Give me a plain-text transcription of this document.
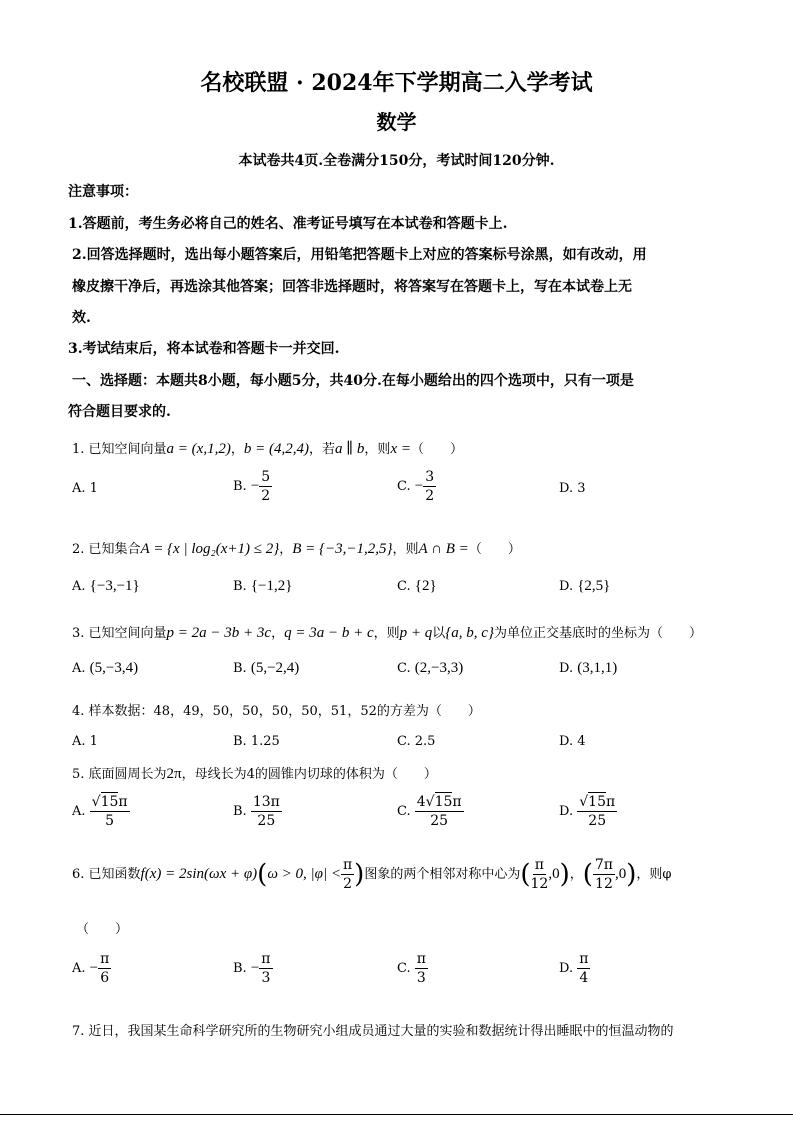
名校联盟 · 2024年下学期高二入学考试
数学
本试卷共4页.全卷满分150分，考试时间120分钟.
注意事项：
1.答题前，考生务必将自己的姓名、准考证号填写在本试卷和答题卡上.
2.回答选择题时，选出每小题答案后，用铅笔把答题卡上对应的答案标号涂黑，如有改动，用
橡皮擦干净后，再选涂其他答案；回答非选择题时，将答案写在答题卡上，写在本试卷上无
效.
3.考试结束后，将本试卷和答题卡一并交回.
一、选择题：本题共8小题，每小题5分，共40分.在每小题给出的四个选项中，只有一项是
符合题目要求的.
1. 已知空间向量a = (x,1,2)，b = (4,2,4)，若a ∥ b，则x =（　　）
A. 1	B. − $\frac{5}{2}$	C. − $\frac{3}{2}$	D. 3
2. 已知集合A = {x | log₂(x+1) ≤ 2}，B = {−3,−1,2,5}，则A ∩ B =（　　）
A. {−3,−1}	B. {−1,2}	C. {2}	D. {2,5}
3. 已知空间向量p = 2a − 3b + 3c，q = 3a − b + c，则p + q以{a, b, c}为单位正交基底时的坐标为（　　）
A. (5,−3,4)	B. (5,−2,4)	C. (2,−3,3)	D. (3,1,1)
4. 样本数据：48，49，50，50，50，50，51，52的方差为（　　）
A. 1	B. 1.25	C. 2.5	D. 4
5. 底面圆周长为2π，母线长为4的圆锥内切球的体积为（　　）
A. $\frac{√15\pi}{5}$	B. $\frac{13\pi}{25}$	C. $\frac{4√15\pi}{25}$	D. $\frac{√15\pi}{25}$
6. 已知函数f(x) = 2sin(ωx + φ)(ω > 0, $|\varphi| < \frac{\pi}{2}$ )图象的两个相邻对称中心为( $\frac{\pi}{12} ,0$)，( $\frac{7\pi}{12} ,0$)，则φ
（　　）
A. − $\frac{\pi}{6}$	B. − $\frac{\pi}{3}$	C. $\frac{\pi}{3}$	D. $\frac{\pi}{4}$
7. 近日，我国某生命科学研究所的生物研究小组成员通过大量的实验和数据统计得出睡眠中的恒温动物的
